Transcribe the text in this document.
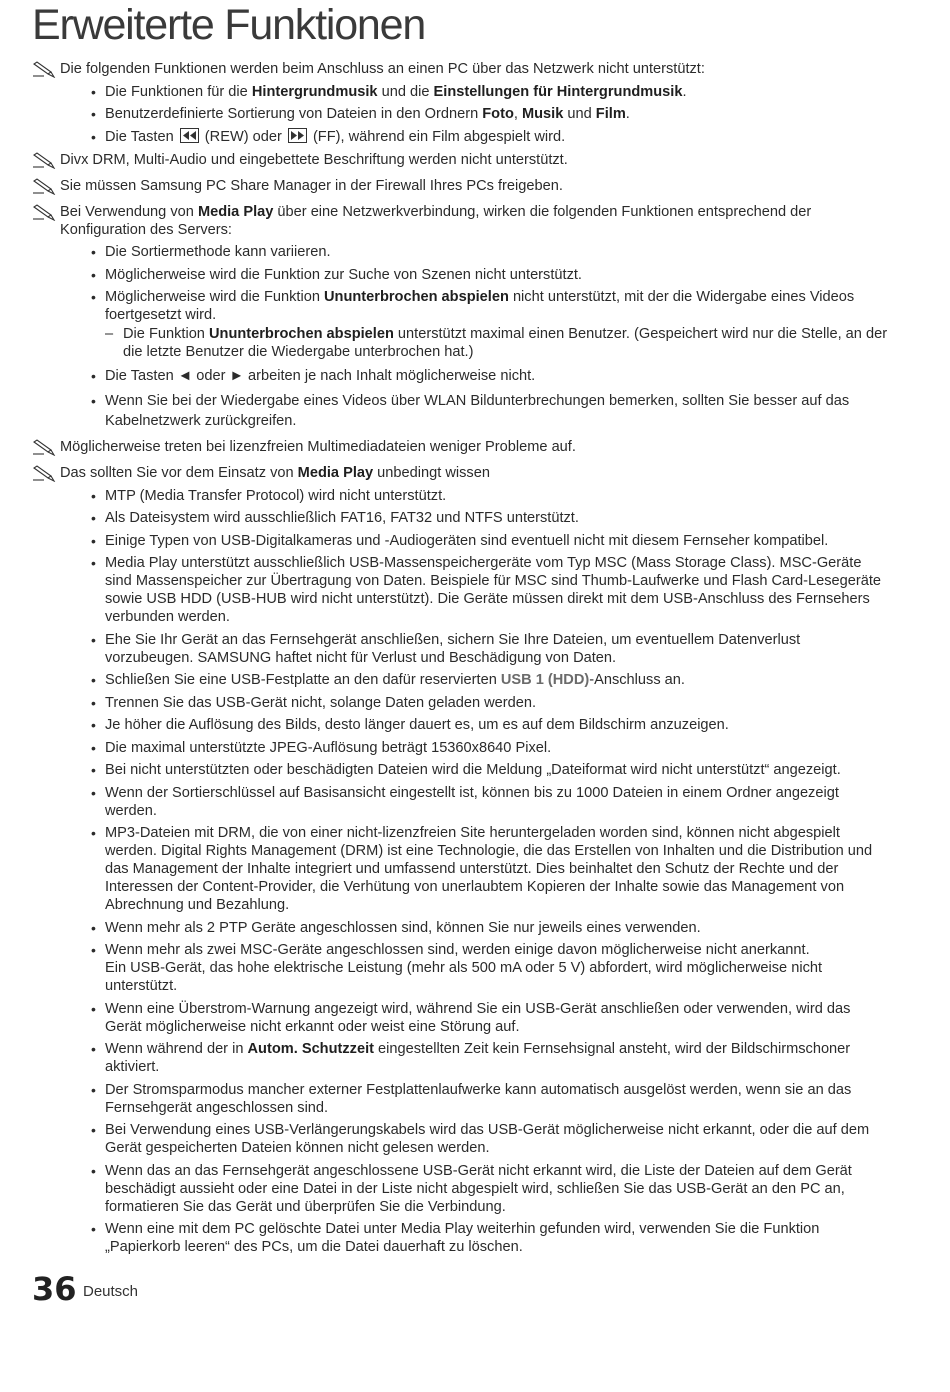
Erweiterte Funktionen
Die folgenden Funktionen werden beim Anschluss an einen PC über das Netzwerk nicht unterstützt:
• Die Funktionen für die Hintergrundmusik und die Einstellungen für Hintergrundmusik.
• Benutzerdefinierte Sortierung von Dateien in den Ordnern Foto, Musik und Film.
• Die Tasten
(REW) oder
(FF), während ein Film abgespielt wird.
Divx DRM, Multi-Audio und eingebettete Beschriftung werden nicht unterstützt.
Sie müssen Samsung PC Share Manager in der Firewall Ihres PCs freigeben.
Bei Verwendung von Media Play über eine Netzwerkverbindung, wirken die folgenden Funktionen entsprechend der Konfiguration des Servers:
• Die Sortiermethode kann variieren.
• Möglicherweise wird die Funktion zur Suche von Szenen nicht unterstützt.
• Möglicherweise wird die Funktion Ununterbrochen abspielen nicht unterstützt, mit der die Widergabe eines Videos foertgesetzt wird.
– Die Funktion Ununterbrochen abspielen unterstützt maximal einen Benutzer. (Gespeichert wird nur die Stelle, an der die letzte Benutzer die Wiedergabe unterbrochen hat.)
• Die Tasten ◄ oder ► arbeiten je nach Inhalt möglicherweise nicht.
• Wenn Sie bei der Wiedergabe eines Videos über WLAN Bildunterbrechungen bemerken, sollten Sie besser auf das Kabelnetzwerk zurückgreifen.
Möglicherweise treten bei lizenzfreien Multimediadateien weniger Probleme auf.
Das sollten Sie vor dem Einsatz von Media Play unbedingt wissen
• MTP (Media Transfer Protocol) wird nicht unterstützt.
• Als Dateisystem wird ausschließlich FAT16, FAT32 und NTFS unterstützt.
• Einige Typen von USB-Digitalkameras und -Audiogeräten sind eventuell nicht mit diesem Fernseher kompatibel.
• Media Play unterstützt ausschließlich USB-Massenspeichergeräte vom Typ MSC (Mass Storage Class). MSC-Geräte sind Massenspeicher zur Übertragung von Daten. Beispiele für MSC sind Thumb-Laufwerke und Flash Card-Lesegeräte sowie USB HDD (USB-HUB wird nicht unterstützt). Die Geräte müssen direkt mit dem USB-Anschluss des Fernsehers verbunden werden.
• Ehe Sie Ihr Gerät an das Fernsehgerät anschließen, sichern Sie Ihre Dateien, um eventuellem Datenverlust vorzubeugen. SAMSUNG haftet nicht für Verlust und Beschädigung von Daten.
• Schließen Sie eine USB-Festplatte an den dafür reservierten USB 1 (HDD)-Anschluss an.
• Trennen Sie das USB-Gerät nicht, solange Daten geladen werden.
• Je höher die Auflösung des Bilds, desto länger dauert es, um es auf dem Bildschirm anzuzeigen.
• Die maximal unterstützte JPEG-Auflösung beträgt 15360x8640 Pixel.
• Bei nicht unterstützten oder beschädigten Dateien wird die Meldung „Dateiformat wird nicht unterstützt“ angezeigt.
• Wenn der Sortierschlüssel auf Basisansicht eingestellt ist, können bis zu 1000 Dateien in einem Ordner angezeigt werden.
• MP3-Dateien mit DRM, die von einer nicht-lizenzfreien Site heruntergeladen worden sind, können nicht abgespielt werden. Digital Rights Management (DRM) ist eine Technologie, die das Erstellen von Inhalten und die Distribution und das Management der Inhalte integriert und umfassend unterstützt. Dies beinhaltet den Schutz der Rechte und der Interessen der Content-Provider, die Verhütung von unerlaubtem Kopieren der Inhalte sowie das Management von Abrechnung und Bezahlung.
• Wenn mehr als 2 PTP Geräte angeschlossen sind, können Sie nur jeweils eines verwenden.
• Wenn mehr als zwei MSC-Geräte angeschlossen sind, werden einige davon möglicherweise nicht anerkannt.
Ein USB-Gerät, das hohe elektrische Leistung (mehr als 500 mA oder 5 V) abfordert, wird möglicherweise nicht unterstützt.
• Wenn eine Überstrom-Warnung angezeigt wird, während Sie ein USB-Gerät anschließen oder verwenden, wird das Gerät möglicherweise nicht erkannt oder weist eine Störung auf.
• Wenn während der in Autom. Schutzzeit eingestellten Zeit kein Fernsehsignal ansteht, wird der Bildschirmschoner aktiviert.
• Der Stromsparmodus mancher externer Festplattenlaufwerke kann automatisch ausgelöst werden, wenn sie an das Fernsehgerät angeschlossen sind.
• Bei Verwendung eines USB-Verlängerungskabels wird das USB-Gerät möglicherweise nicht erkannt, oder die auf dem Gerät gespeicherten Dateien können nicht gelesen werden.
• Wenn das an das Fernsehgerät angeschlossene USB-Gerät nicht erkannt wird, die Liste der Dateien auf dem Gerät beschädigt aussieht oder eine Datei in der Liste nicht abgespielt wird, schließen Sie das USB-Gerät an den PC an, formatieren Sie das Gerät und überprüfen Sie die Verbindung.
• Wenn eine mit dem PC gelöschte Datei unter Media Play weiterhin gefunden wird, verwenden Sie die Funktion „Papierkorb leeren“ des PCs, um die Datei dauerhaft zu löschen.
36 Deutsch
